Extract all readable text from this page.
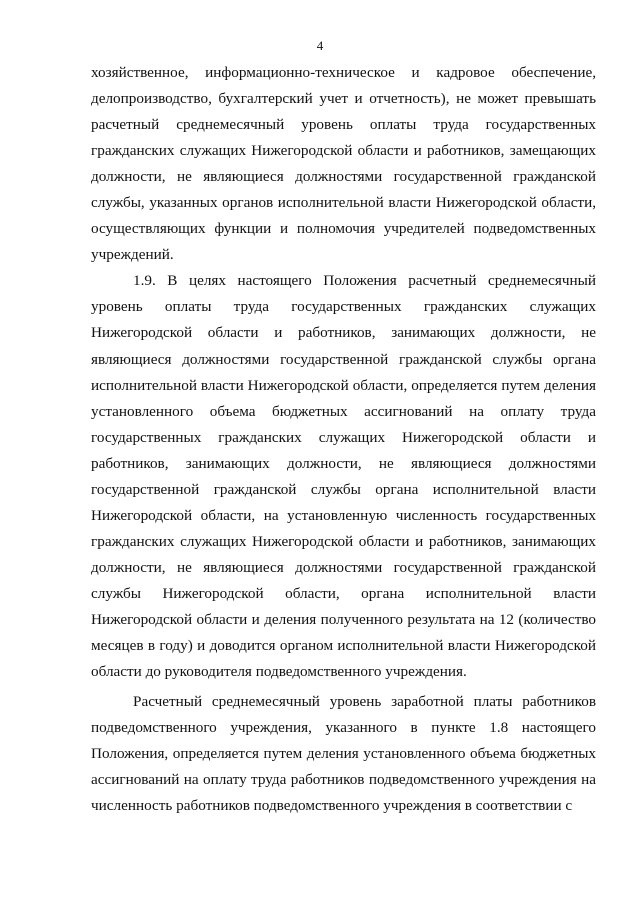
4

хозяйственное, информационно-техническое и кадровое обеспечение, делопроизводство, бухгалтерский учет и отчетность), не может превышать расчетный среднемесячный уровень оплаты труда государственных гражданских служащих Нижегородской области и работников, замещающих должности, не являющиеся должностями государственной гражданской службы, указанных органов исполнительной власти Нижегородской области, осуществляющих функции и полномочия учредителей подведомственных учреждений.

1.9. В целях настоящего Положения расчетный среднемесячный уровень оплаты труда государственных гражданских служащих Нижегородской области и работников, занимающих должности, не являющиеся должностями государственной гражданской службы органа исполнительной власти Нижегородской области, определяется путем деления установленного объема бюджетных ассигнований на оплату труда государственных гражданских служащих Нижегородской области и работников, занимающих должности, не являющиеся должностями государственной гражданской службы органа исполнительной власти Нижегородской области, на установленную численность государственных гражданских служащих Нижегородской области и работников, занимающих должности, не являющиеся должностями государственной гражданской службы Нижегородской области, органа исполнительной власти Нижегородской области и деления полученного результата на 12 (количество месяцев в году) и доводится органом исполнительной власти Нижегородской области до руководителя подведомственного учреждения.

Расчетный среднемесячный уровень заработной платы работников подведомственного учреждения, указанного в пункте 1.8 настоящего Положения, определяется путем деления установленного объема бюджетных ассигнований на оплату труда работников подведомственного учреждения на численность работников подведомственного учреждения в соответствии с
